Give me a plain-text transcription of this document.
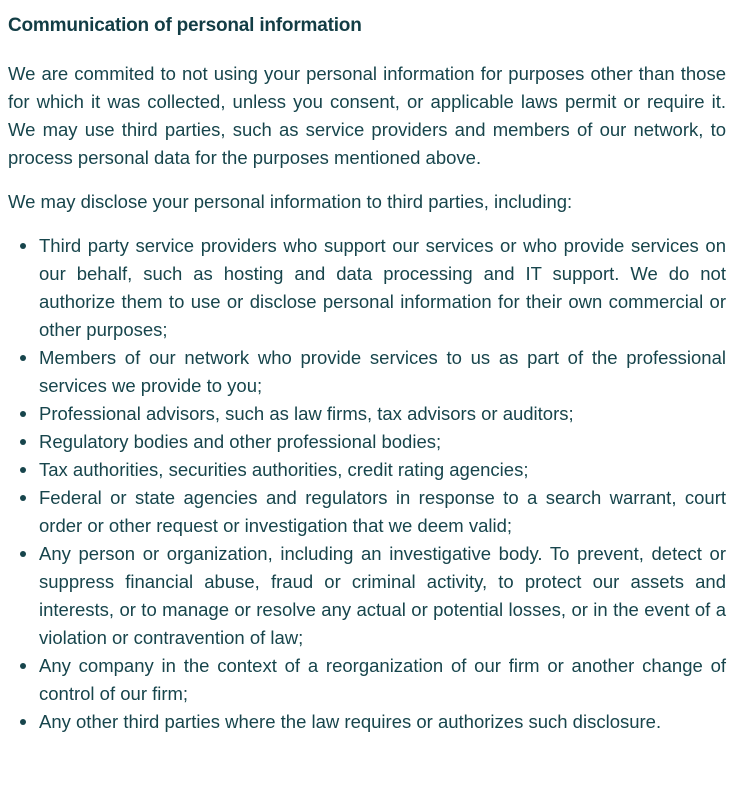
Communication of personal information

We are commited to not using your personal information for purposes other than those for which it was collected, unless you consent, or applicable laws permit or require it. We may use third parties, such as service providers and members of our network, to process personal data for the purposes mentioned above.

We may disclose your personal information to third parties, including:

Third party service providers who support our services or who provide services on our behalf, such as hosting and data processing and IT support. We do not authorize them to use or disclose personal information for their own commercial or other purposes;
Members of our network who provide services to us as part of the professional services we provide to you;
Professional advisors, such as law firms, tax advisors or auditors;
Regulatory bodies and other professional bodies;
Tax authorities, securities authorities, credit rating agencies;
Federal or state agencies and regulators in response to a search warrant, court order or other request or investigation that we deem valid;
Any person or organization, including an investigative body. To prevent, detect or suppress financial abuse, fraud or criminal activity, to protect our assets and interests, or to manage or resolve any actual or potential losses, or in the event of a violation or contravention of law;
Any company in the context of a reorganization of our firm or another change of control of our firm;
Any other third parties where the law requires or authorizes such disclosure.
